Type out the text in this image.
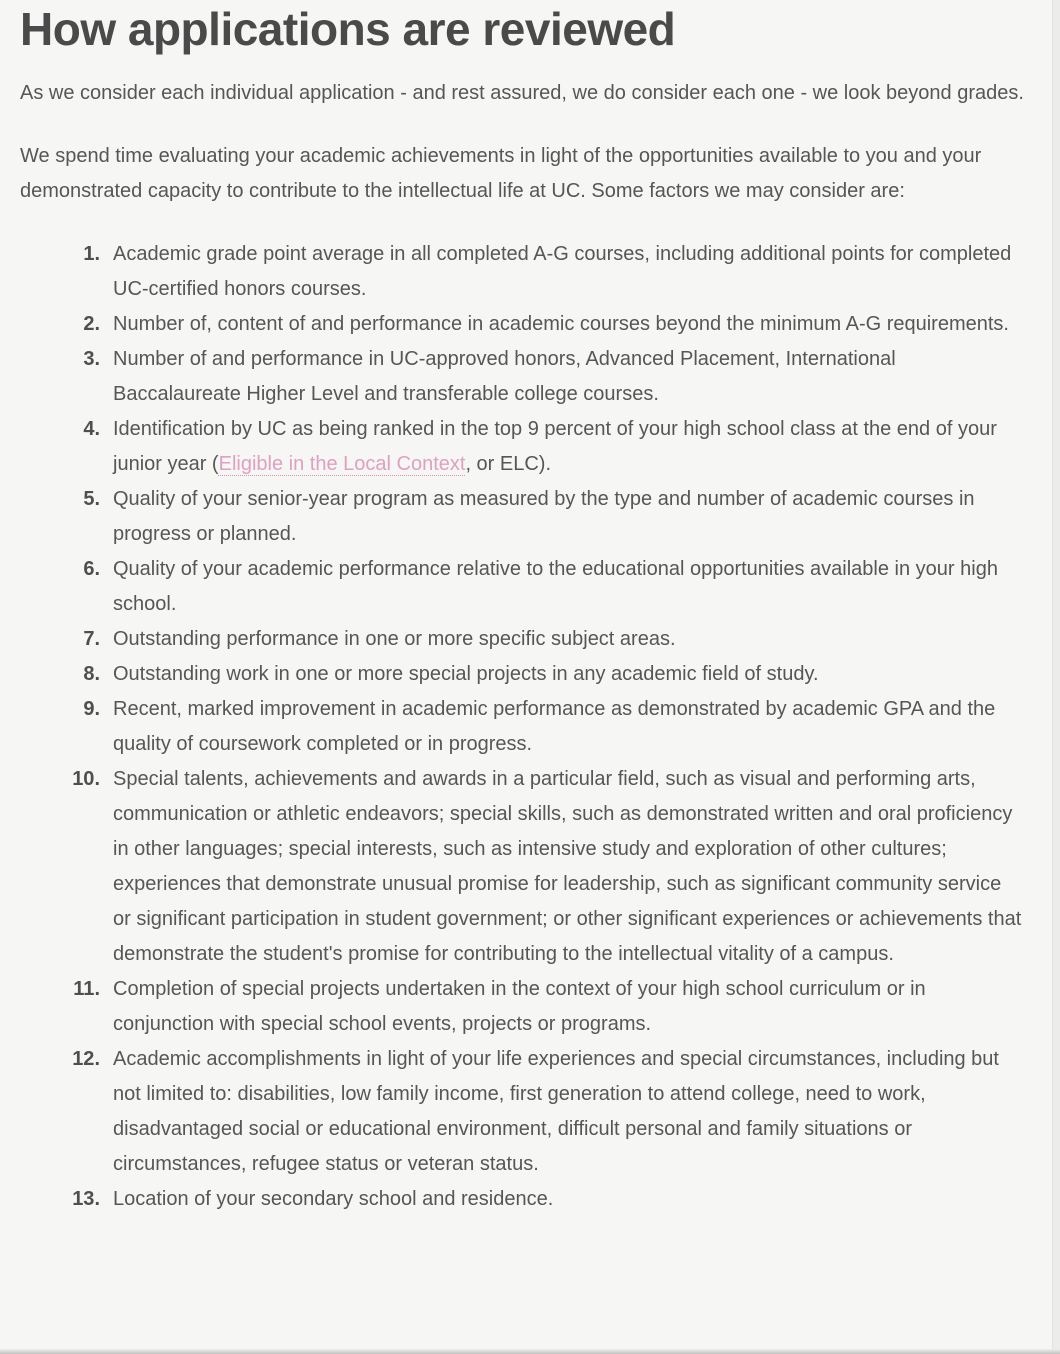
How applications are reviewed

As we consider each individual application - and rest assured, we do consider each one - we look beyond grades.

We spend time evaluating your academic achievements in light of the opportunities available to you and your demonstrated capacity to contribute to the intellectual life at UC. Some factors we may consider are:

Academic grade point average in all completed A-G courses, including additional points for completed UC-certified honors courses.
Number of, content of and performance in academic courses beyond the minimum A-G requirements.
Number of and performance in UC-approved honors, Advanced Placement, International Baccalaureate Higher Level and transferable college courses.
Identification by UC as being ranked in the top 9 percent of your high school class at the end of your junior year (Eligible in the Local Context, or ELC).
Quality of your senior-year program as measured by the type and number of academic courses in progress or planned.
Quality of your academic performance relative to the educational opportunities available in your high school.
Outstanding performance in one or more specific subject areas.
Outstanding work in one or more special projects in any academic field of study.
Recent, marked improvement in academic performance as demonstrated by academic GPA and the quality of coursework completed or in progress.
Special talents, achievements and awards in a particular field, such as visual and performing arts, communication or athletic endeavors; special skills, such as demonstrated written and oral proficiency in other languages; special interests, such as intensive study and exploration of other cultures; experiences that demonstrate unusual promise for leadership, such as significant community service or significant participation in student government; or other significant experiences or achievements that demonstrate the student's promise for contributing to the intellectual vitality of a campus.
Completion of special projects undertaken in the context of your high school curriculum or in conjunction with special school events, projects or programs.
Academic accomplishments in light of your life experiences and special circumstances, including but not limited to: disabilities, low family income, first generation to attend college, need to work, disadvantaged social or educational environment, difficult personal and family situations or circumstances, refugee status or veteran status.
Location of your secondary school and residence.
